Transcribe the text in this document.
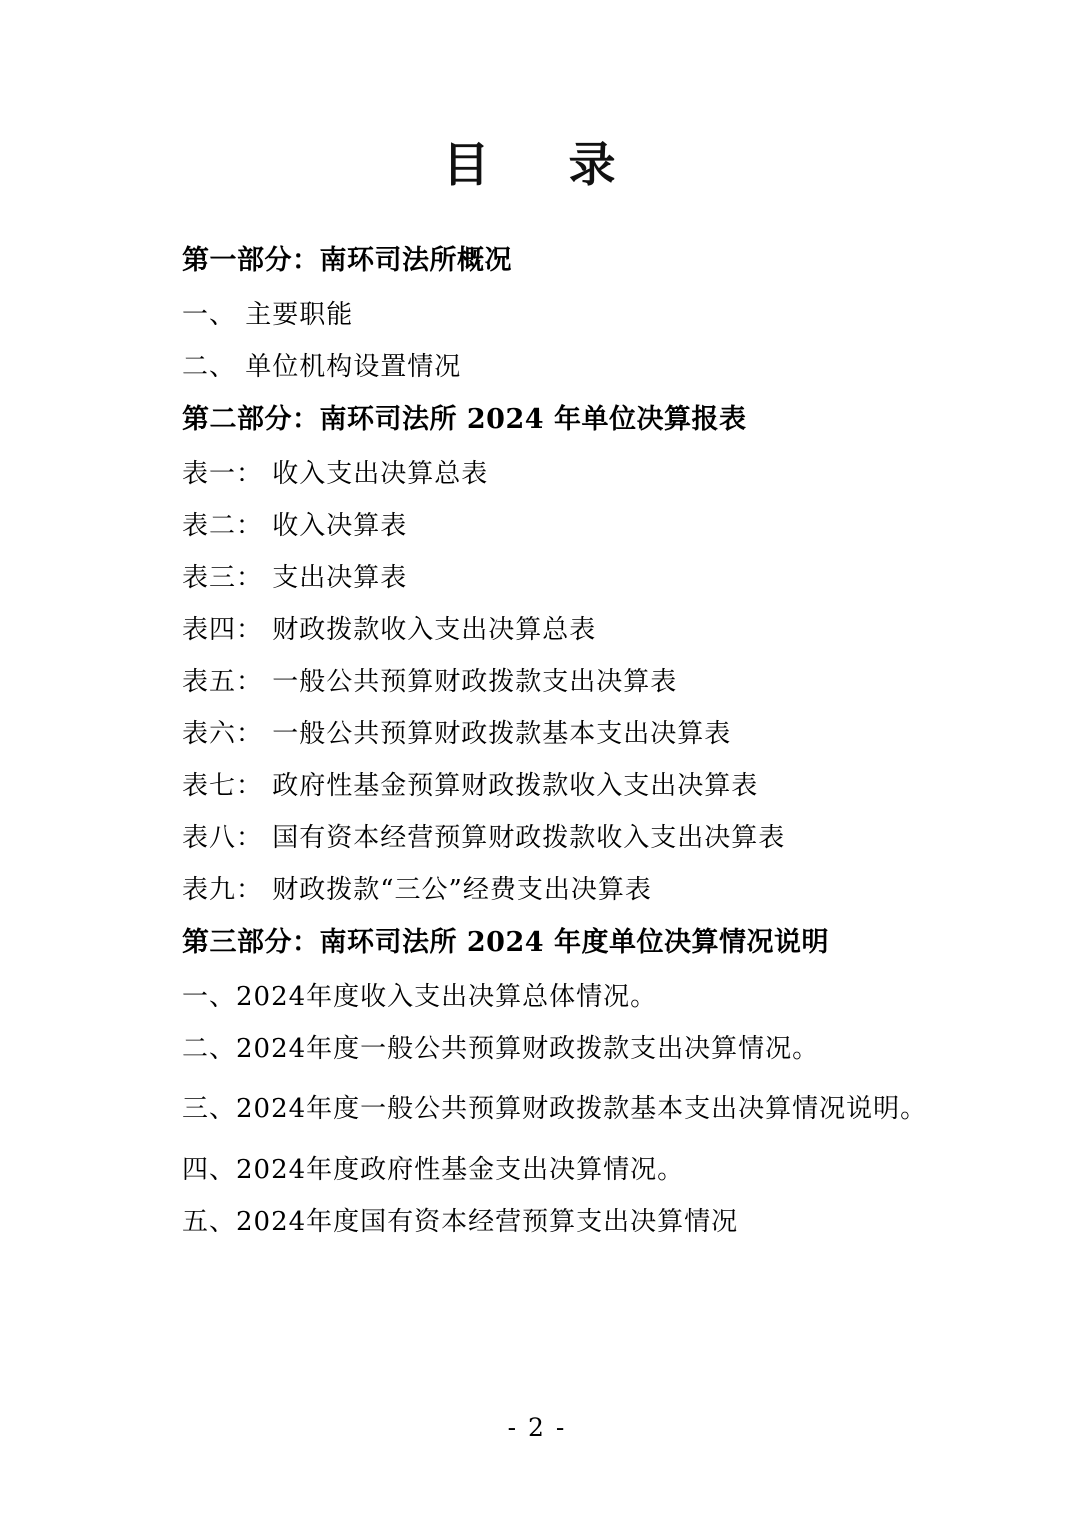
目　录
第一部分：南环司法所概况
一、 主要职能
二、 单位机构设置情况
第二部分：南环司法所 2024 年单位决算报表
表一： 收入支出决算总表
表二： 收入决算表
表三： 支出决算表
表四： 财政拨款收入支出决算总表
表五： 一般公共预算财政拨款支出决算表
表六： 一般公共预算财政拨款基本支出决算表
表七： 政府性基金预算财政拨款收入支出决算表
表八： 国有资本经营预算财政拨款收入支出决算表
表九： 财政拨款“三公”经费支出决算表
第三部分：南环司法所 2024 年度单位决算情况说明
一、2024年度收入支出决算总体情况。
二、2024年度一般公共预算财政拨款支出决算情况。
三、2024年度一般公共预算财政拨款基本支出决算情况说明。
四、2024年度政府性基金支出决算情况。
五、2024年度国有资本经营预算支出决算情况
- 2 -
